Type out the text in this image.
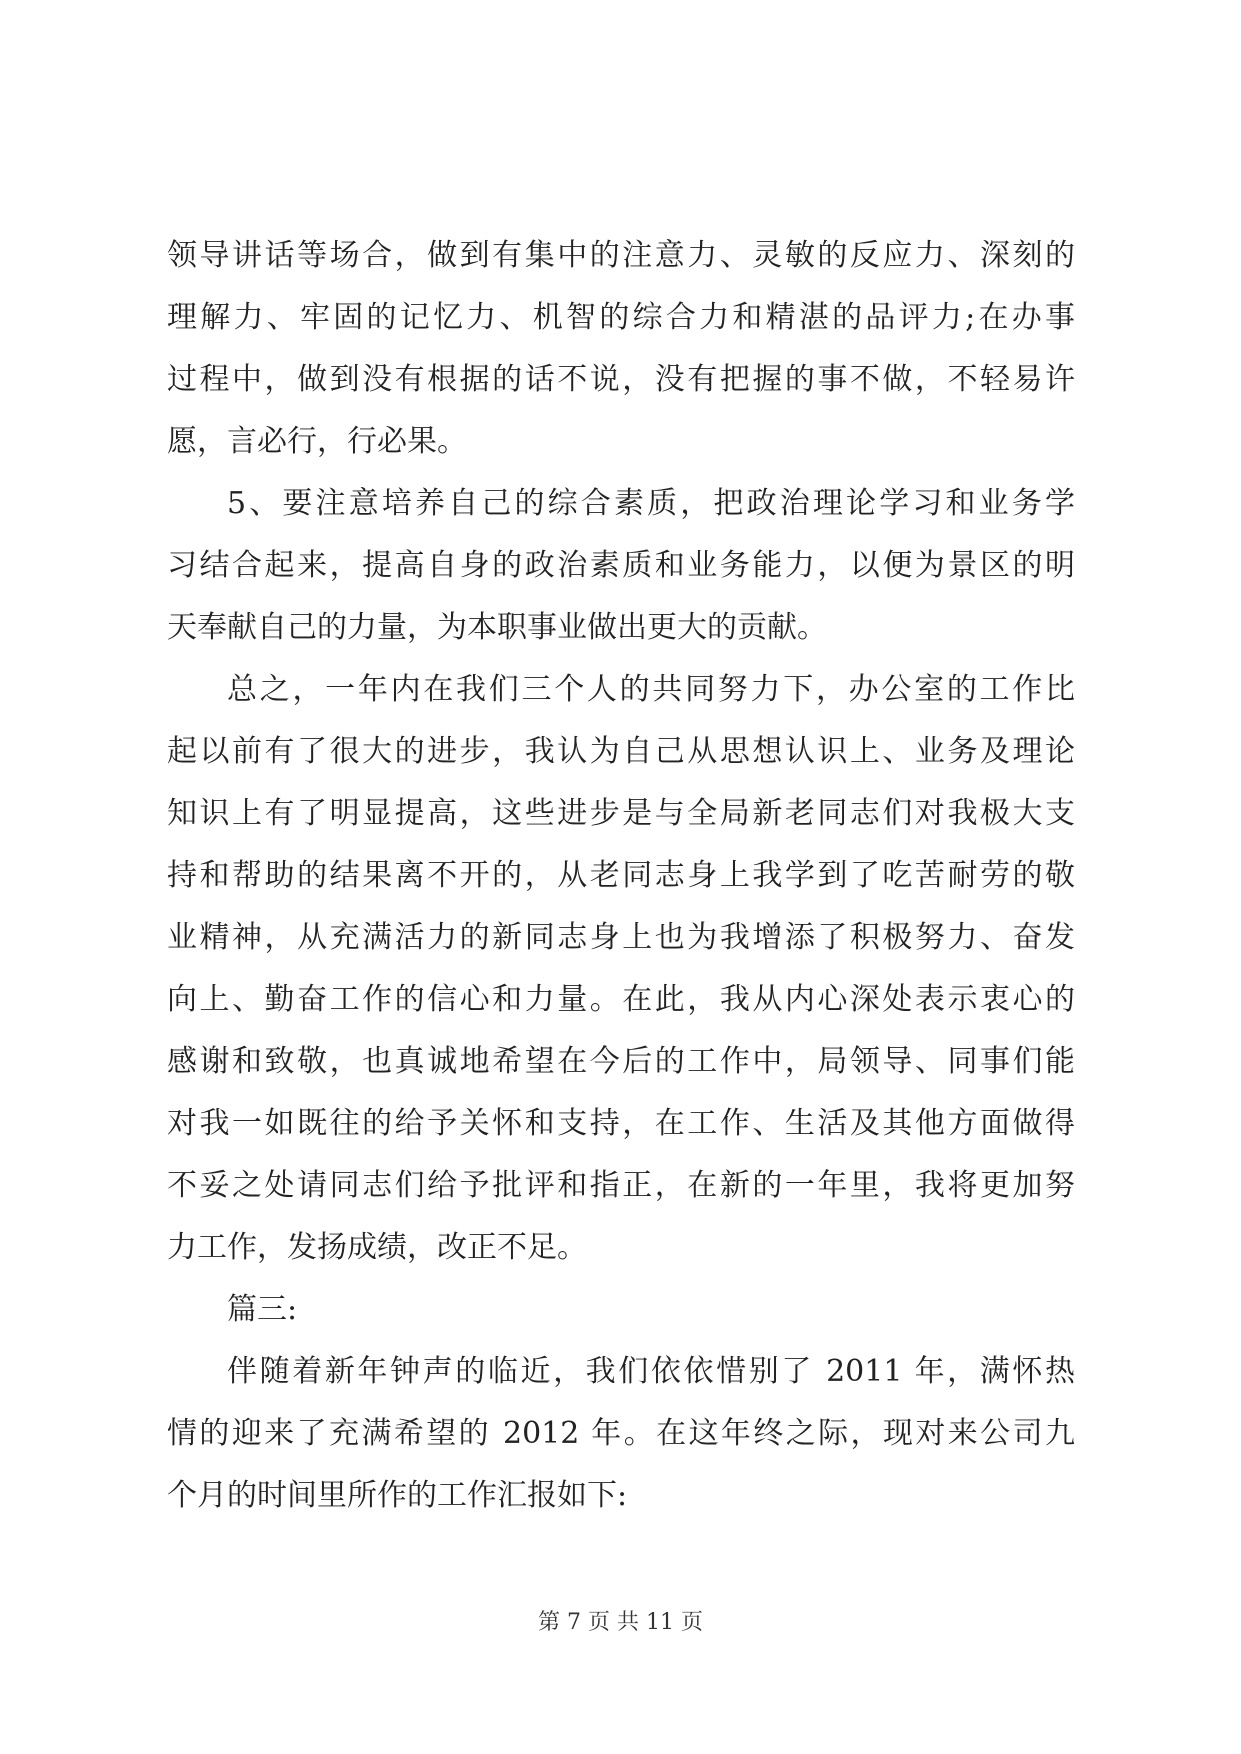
领导讲话等场合，做到有集中的注意力、灵敏的反应力、深刻的
理解力、牢固的记忆力、机智的综合力和精湛的品评力;在办事
过程中，做到没有根据的话不说，没有把握的事不做，不轻易许
愿，言必行，行必果。
5、要注意培养自己的综合素质，把政治理论学习和业务学
习结合起来，提高自身的政治素质和业务能力，以便为景区的明
天奉献自己的力量，为本职事业做出更大的贡献。
总之，一年内在我们三个人的共同努力下，办公室的工作比
起以前有了很大的进步，我认为自己从思想认识上、业务及理论
知识上有了明显提高，这些进步是与全局新老同志们对我极大支
持和帮助的结果离不开的，从老同志身上我学到了吃苦耐劳的敬
业精神，从充满活力的新同志身上也为我增添了积极努力、奋发
向上、勤奋工作的信心和力量。在此，我从内心深处表示衷心的
感谢和致敬，也真诚地希望在今后的工作中，局领导、同事们能
对我一如既往的给予关怀和支持，在工作、生活及其他方面做得
不妥之处请同志们给予批评和指正，在新的一年里，我将更加努
力工作，发扬成绩，改正不足。
篇三:
伴随着新年钟声的临近，我们依依惜别了 2011 年，满怀热
情的迎来了充满希望的 2012 年。在这年终之际，现对来公司九
个月的时间里所作的工作汇报如下:
第 7 页 共 11 页
